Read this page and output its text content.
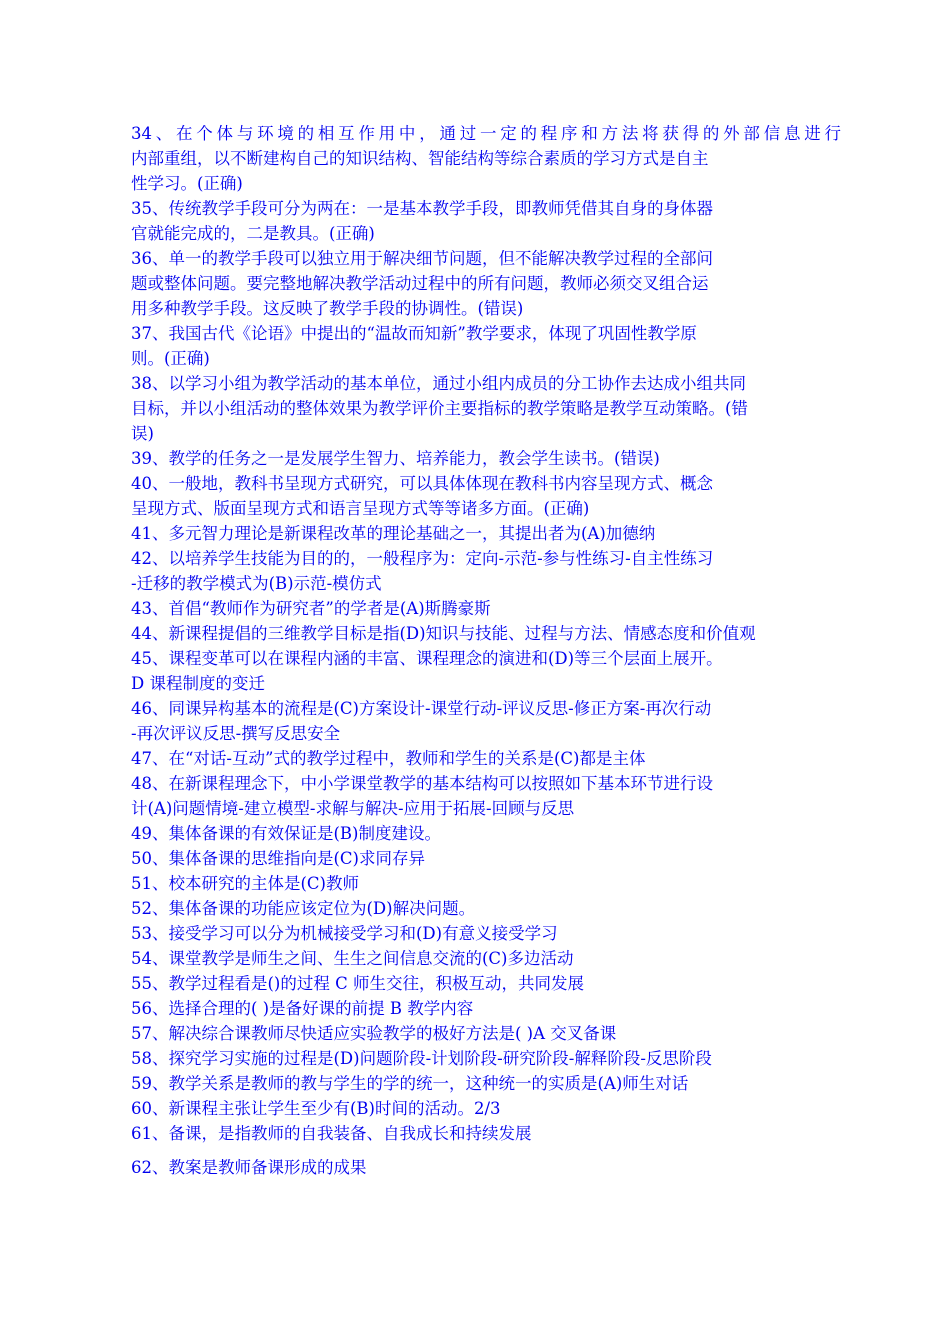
34、在个体与环境的相互作用中，通过一定的程序和方法将获得的外部信息进行
内部重组，以不断建构自己的知识结构、智能结构等综合素质的学习方式是自主
性学习。(正确)
35、传统教学手段可分为两在：一是基本教学手段，即教师凭借其自身的身体器
官就能完成的，二是教具。(正确)
36、单一的教学手段可以独立用于解决细节问题，但不能解决教学过程的全部问
题或整体问题。要完整地解决教学活动过程中的所有问题，教师必须交叉组合运
用多种教学手段。这反映了教学手段的协调性。(错误)
37、我国古代《论语》中提出的“温故而知新”教学要求，体现了巩固性教学原
则。(正确)
38、以学习小组为教学活动的基本单位，通过小组内成员的分工协作去达成小组共同
目标，并以小组活动的整体效果为教学评价主要指标的教学策略是教学互动策略。(错
误)
39、教学的任务之一是发展学生智力、培养能力，教会学生读书。(错误)
40、一般地，教科书呈现方式研究，可以具体体现在教科书内容呈现方式、概念
呈现方式、版面呈现方式和语言呈现方式等等诸多方面。(正确)
41、多元智力理论是新课程改革的理论基础之一，其提出者为(A)加德纳
42、以培养学生技能为目的的，一般程序为：定向-示范-参与性练习-自主性练习
-迁移的教学模式为(B)示范-模仿式
43、首倡“教师作为研究者”的学者是(A)斯腾豪斯
44、新课程提倡的三维教学目标是指(D)知识与技能、过程与方法、情感态度和价值观
45、课程变革可以在课程内涵的丰富、课程理念的演进和(D)等三个层面上展开。
D 课程制度的变迁
46、同课异构基本的流程是(C)方案设计-课堂行动-评议反思-修正方案-再次行动
-再次评议反思-撰写反思安全
47、在“对话-互动”式的教学过程中，教师和学生的关系是(C)都是主体
48、在新课程理念下，中小学课堂教学的基本结构可以按照如下基本环节进行设
计(A)问题情境-建立模型-求解与解决-应用于拓展-回顾与反思
49、集体备课的有效保证是(B)制度建设。
50、集体备课的思维指向是(C)求同存异
51、校本研究的主体是(C)教师
52、集体备课的功能应该定位为(D)解决问题。
53、接受学习可以分为机械接受学习和(D)有意义接受学习
54、课堂教学是师生之间、生生之间信息交流的(C)多边活动
55、教学过程看是()的过程 C 师生交往，积极互动，共同发展
56、选择合理的( )是备好课的前提 B 教学内容
57、解决综合课教师尽快适应实验教学的极好方法是( )A 交叉备课
58、探究学习实施的过程是(D)问题阶段-计划阶段-研究阶段-解释阶段-反思阶段
59、教学关系是教师的教与学生的学的统一，这种统一的实质是(A)师生对话
60、新课程主张让学生至少有(B)时间的活动。2/3
61、备课，是指教师的自我装备、自我成长和持续发展
62、教案是教师备课形成的成果
